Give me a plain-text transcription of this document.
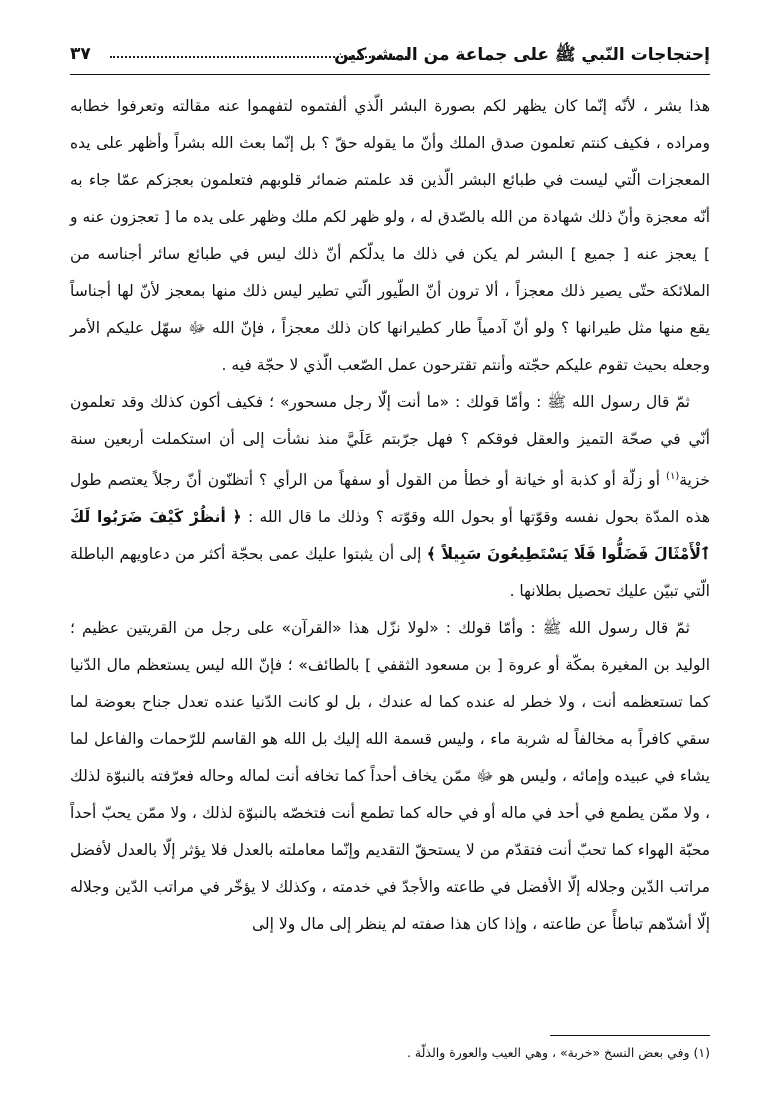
إحتجاجات النّبي ﷺ على جماعة من المشركين
٣٧

هذا بشر ، لأنّه إنّما كان يظهر لكم بصورة البشر الّذي ألفتموه لتفهموا عنه مقالته وتعرفوا خطابه ومراده ، فكيف كنتم تعلمون صدق الملك وأنّ ما يقوله حقّ ؟ بل إنّما بعث الله بشراً وأظهر على يده المعجزات الّتي ليست في طبائع البشر الّذين قد علمتم ضمائر قلوبهم فتعلمون بعجزكم عمّا جاء به أنّه معجزة وأنّ ذلك شهادة من الله بالصّدق له ، ولو ظهر لكم ملك وظهر على يده ما [ تعجزون عنه و ] يعجز عنه [ جميع ] البشر لم يكن في ذلك ما يدلّكم أنّ ذلك ليس في طبائع سائر أجناسه من الملائكة حتّى يصير ذلك معجزاً ، ألا ترون أنّ الطّيور الّتي تطير ليس ذلك منها بمعجز لأنّ لها أجناساً يقع منها مثل طيرانها ؟ ولو أنّ آدمياً طار كطيرانها كان ذلك معجزاً ، فإنّ الله ﷻ سهّل عليكم الأمر وجعله بحيث تقوم عليكم حجّته وأنتم تقترحون عمل الصّعب الّذي لا حجّة فيه .

ثمّ قال رسول الله ﷺ : وأمّا قولك : «ما أنت إلّا رجل مسحور» ؛ فكيف أكون كذلك وقد تعلمون أنّي في صحّة التميز والعقل فوقكم ؟ فهل جرّبتم عَلَيَّ منذ نشأت إلى أن استكملت أربعين سنة خزية$^{(١)}$ أو زلّة أو كذبة أو خيانة أو خطأ من القول أو سفهاً من الرأي ؟ أتظنّون أنّ رجلاً يعتصم طول هذه المدّة بحول نفسه وقوّتها أو بحول الله وقوّته ؟ وذلك ما قال الله : ﴿ أنظُرْ كَيْفَ ضَرَبُوا لَكَ ٱلْأَمْثَالَ فَضَلُّوا فَلَا يَسْتَطِيعُونَ سَبِيلاً ﴾ إلى أن يثبتوا عليك عمى بحجّة أكثر من دعاويهم الباطلة الّتي تبيّن عليك تحصيل بطلانها .

ثمّ قال رسول الله ﷺ : وأمّا قولك : «لولا نزّل هذا «القرآن» على رجل من القريتين عظيم ؛ الوليد بن المغيرة بمكّة أو عروة [ بن مسعود الثقفي ] بالطائف» ؛ فإنّ الله ليس يستعظم مال الدّنيا كما تستعظمه أنت ، ولا خطر له عنده كما له عندك ، بل لو كانت الدّنيا عنده تعدل جناح بعوضة لما سقي كافراً به مخالفاً له شربة ماء ، وليس قسمة الله إليك بل الله هو القاسم للرّحمات والفاعل لما يشاء في عبيده وإمائه ، وليس هو ﷻ ممّن يخاف أحداً كما تخافه أنت لماله وحاله فعرّفته بالنبوّة لذلك ، ولا ممّن يطمع في أحد في ماله أو في حاله كما تطمع أنت فتخصّه بالنبوّة لذلك ، ولا ممّن يحبّ أحداً محبّة الهواء كما تحبّ أنت فتقدّم من لا يستحقّ التقديم وإنّما معاملته بالعدل فلا يؤثر إلّا بالعدل لأفضل مراتب الدّين وجلاله إلّا الأفضل في طاعته والأجدّ في خدمته ، وكذلك لا يؤخّر في مراتب الدّين وجلاله إلّا أشدّهم تباطأً عن طاعته ، وإذا كان هذا صفته لم ينظر إلى مال ولا إلى

(١) وفي بعض النسخ «خربة» ، وهي العيب والعورة والذلّة .
